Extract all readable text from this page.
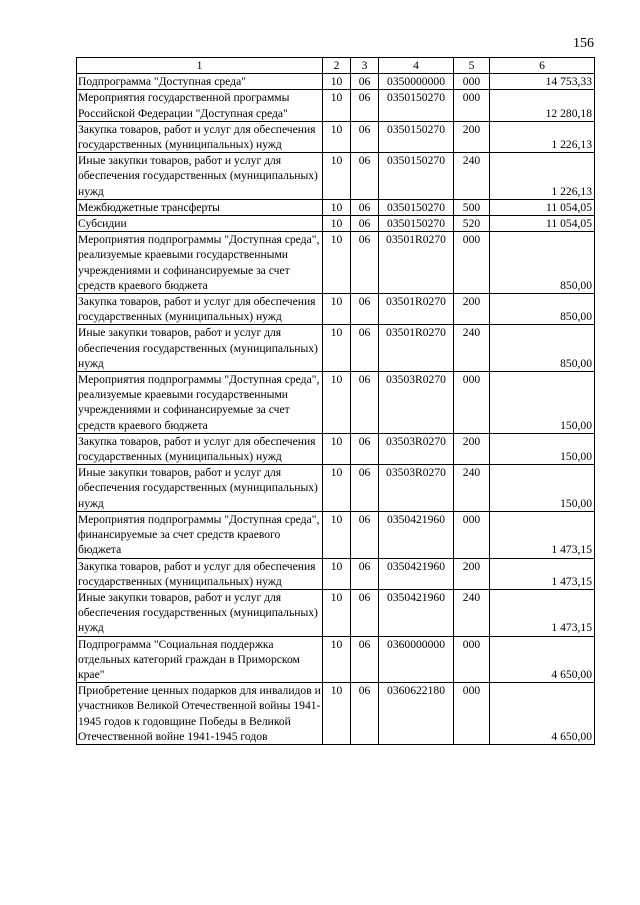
156
1	2	3	4	5	6
Подпрограмма "Доступная среда"	10	06	0350000000	000	14 753,33
Мероприятия государственной программы Российской Федерации "Доступная среда"	10	06	0350150270	000	12 280,18
Закупка товаров, работ и услуг для обеспечения государственных (муниципальных) нужд	10	06	0350150270	200	1 226,13
Иные закупки товаров, работ и услуг для обеспечения государственных (муниципальных) нужд	10	06	0350150270	240	1 226,13
Межбюджетные трансферты	10	06	0350150270	500	11 054,05
Субсидии	10	06	0350150270	520	11 054,05
Мероприятия подпрограммы "Доступная среда", реализуемые краевыми государственными учреждениями и софинансируемые за счет средств краевого бюджета	10	06	03501R0270	000	850,00
Закупка товаров, работ и услуг для обеспечения государственных (муниципальных) нужд	10	06	03501R0270	200	850,00
Иные закупки товаров, работ и услуг для обеспечения государственных (муниципальных) нужд	10	06	03501R0270	240	850,00
Мероприятия подпрограммы "Доступная среда", реализуемые краевыми государственными учреждениями и софинансируемые за счет средств краевого бюджета	10	06	03503R0270	000	150,00
Закупка товаров, работ и услуг для обеспечения государственных (муниципальных) нужд	10	06	03503R0270	200	150,00
Иные закупки товаров, работ и услуг для обеспечения государственных (муниципальных) нужд	10	06	03503R0270	240	150,00
Мероприятия подпрограммы "Доступная среда", финансируемые за счет средств краевого бюджета	10	06	0350421960	000	1 473,15
Закупка товаров, работ и услуг для обеспечения государственных (муниципальных) нужд	10	06	0350421960	200	1 473,15
Иные закупки товаров, работ и услуг для обеспечения государственных (муниципальных) нужд	10	06	0350421960	240	1 473,15
Подпрограмма "Социальная поддержка отдельных категорий граждан в Приморском крае"	10	06	0360000000	000	4 650,00
Приобретение ценных подарков для инвалидов и участников Великой Отечественной войны 1941-1945 годов к годовщине Победы в Великой Отечественной войне 1941-1945 годов	10	06	0360622180	000	4 650,00
